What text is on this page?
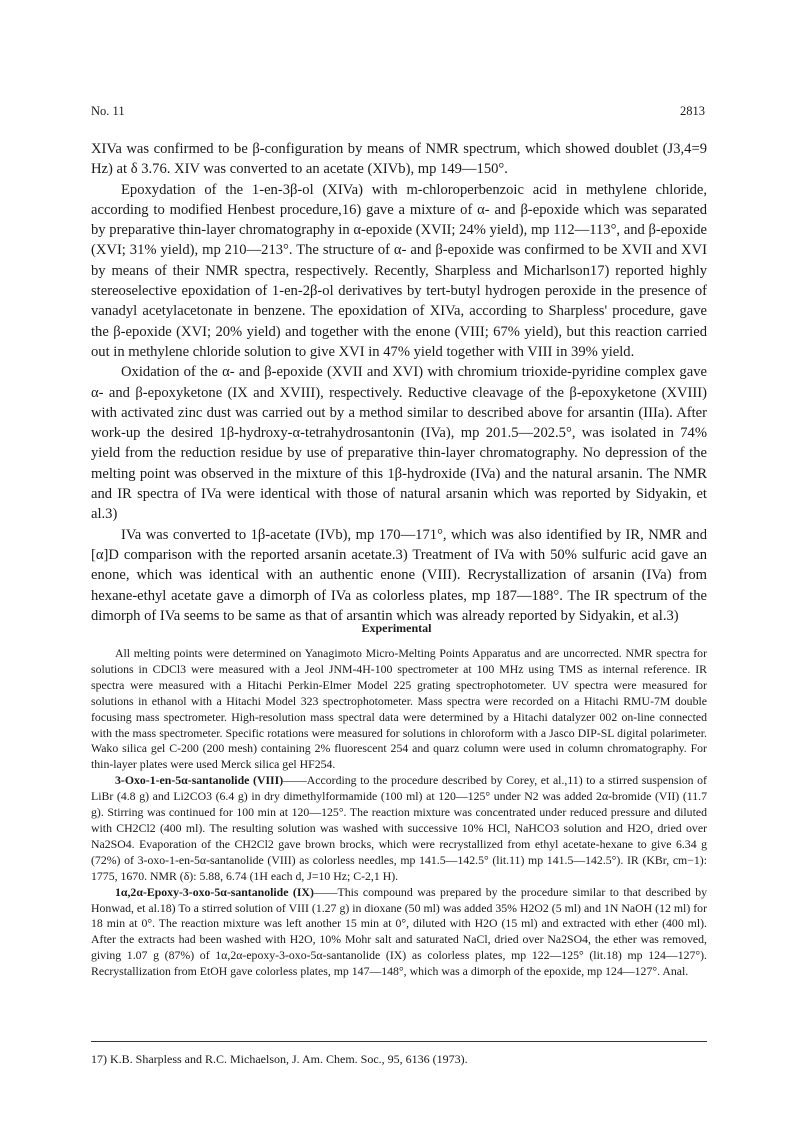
No. 11	2813

XIVa was confirmed to be β-configuration by means of NMR spectrum, which showed doublet (J3,4=9 Hz) at δ 3.76. XIV was converted to an acetate (XIVb), mp 149—150°.

Epoxydation of the 1-en-3β-ol (XIVa) with m-chloroperbenzoic acid in methylene chloride, according to modified Henbest procedure,16) gave a mixture of α- and β-epoxide which was separated by preparative thin-layer chromatography in α-epoxide (XVII; 24% yield), mp 112—113°, and β-epoxide (XVI; 31% yield), mp 210—213°. The structure of α- and β-epoxide was confirmed to be XVII and XVI by means of their NMR spectra, respectively. Recently, Sharpless and Micharlson17) reported highly stereoselective epoxidation of 1-en-2β-ol derivatives by tert-butyl hydrogen peroxide in the presence of vanadyl acetylacetonate in benzene. The epoxidation of XIVa, according to Sharpless' procedure, gave the β-epoxide (XVI; 20% yield) and together with the enone (VIII; 67% yield), but this reaction carried out in methylene chloride solution to give XVI in 47% yield together with VIII in 39% yield.

Oxidation of the α- and β-epoxide (XVII and XVI) with chromium trioxide-pyridine complex gave α- and β-epoxyketone (IX and XVIII), respectively. Reductive cleavage of the β-epoxyketone (XVIII) with activated zinc dust was carried out by a method similar to described above for arsantin (IIIa). After work-up the desired 1β-hydroxy-α-tetrahydrosantonin (IVa), mp 201.5—202.5°, was isolated in 74% yield from the reduction residue by use of preparative thin-layer chromatography. No depression of the melting point was observed in the mixture of this 1β-hydroxide (IVa) and the natural arsanin. The NMR and IR spectra of IVa were identical with those of natural arsanin which was reported by Sidyakin, et al.3)

IVa was converted to 1β-acetate (IVb), mp 170—171°, which was also identified by IR, NMR and [α]D comparison with the reported arsanin acetate.3) Treatment of IVa with 50% sulfuric acid gave an enone, which was identical with an authentic enone (VIII). Recrystallization of arsanin (IVa) from hexane-ethyl acetate gave a dimorph of IVa as colorless plates, mp 187—188°. The IR spectrum of the dimorph of IVa seems to be same as that of arsantin which was already reported by Sidyakin, et al.3)

Experimental

All melting points were determined on Yanagimoto Micro-Melting Points Apparatus and are uncorrected. NMR spectra for solutions in CDCl3 were measured with a Jeol JNM-4H-100 spectrometer at 100 MHz using TMS as internal reference. IR spectra were measured with a Hitachi Perkin-Elmer Model 225 grating spectrophotometer. UV spectra were measured for solutions in ethanol with a Hitachi Model 323 spectrophotometer. Mass spectra were recorded on a Hitachi RMU-7M double focusing mass spectrometer. High-resolution mass spectral data were determined by a Hitachi datalyzer 002 on-line connected with the mass spectrometer. Specific rotations were measured for solutions in chloroform with a Jasco DIP-SL digital polarimeter. Wako silica gel C-200 (200 mesh) containing 2% fluorescent 254 and quarz column were used in column chromatography. For thin-layer plates were used Merck silica gel HF254.

3-Oxo-1-en-5α-santanolide (VIII)——According to the procedure described by Corey, et al.,11) to a stirred suspension of LiBr (4.8 g) and Li2CO3 (6.4 g) in dry dimethylformamide (100 ml) at 120—125° under N2 was added 2α-bromide (VII) (11.7 g). Stirring was continued for 100 min at 120—125°. The reaction mixture was concentrated under reduced pressure and diluted with CH2Cl2 (400 ml). The resulting solution was washed with successive 10% HCl, NaHCO3 solution and H2O, dried over Na2SO4. Evaporation of the CH2Cl2 gave brown brocks, which were recrystallized from ethyl acetate-hexane to give 6.34 g (72%) of 3-oxo-1-en-5α-santanolide (VIII) as colorless needles, mp 141.5—142.5° (lit.11) mp 141.5—142.5°). IR (KBr, cm−1): 1775, 1670. NMR (δ): 5.88, 6.74 (1H each d, J=10 Hz; C-2,1 H).

1α,2α-Epoxy-3-oxo-5α-santanolide (IX)——This compound was prepared by the procedure similar to that described by Honwad, et al.18) To a stirred solution of VIII (1.27 g) in dioxane (50 ml) was added 35% H2O2 (5 ml) and 1N NaOH (12 ml) for 18 min at 0°. The reaction mixture was left another 15 min at 0°, diluted with H2O (15 ml) and extracted with ether (400 ml). After the extracts had been washed with H2O, 10% Mohr salt and saturated NaCl, dried over Na2SO4, the ether was removed, giving 1.07 g (87%) of 1α,2α-epoxy-3-oxo-5α-santanolide (IX) as colorless plates, mp 122—125° (lit.18) mp 124—127°). Recrystallization from EtOH gave colorless plates, mp 147—148°, which was a dimorph of the epoxide, mp 124—127°. Anal.

17) K.B. Sharpless and R.C. Michaelson, J. Am. Chem. Soc., 95, 6136 (1973).
